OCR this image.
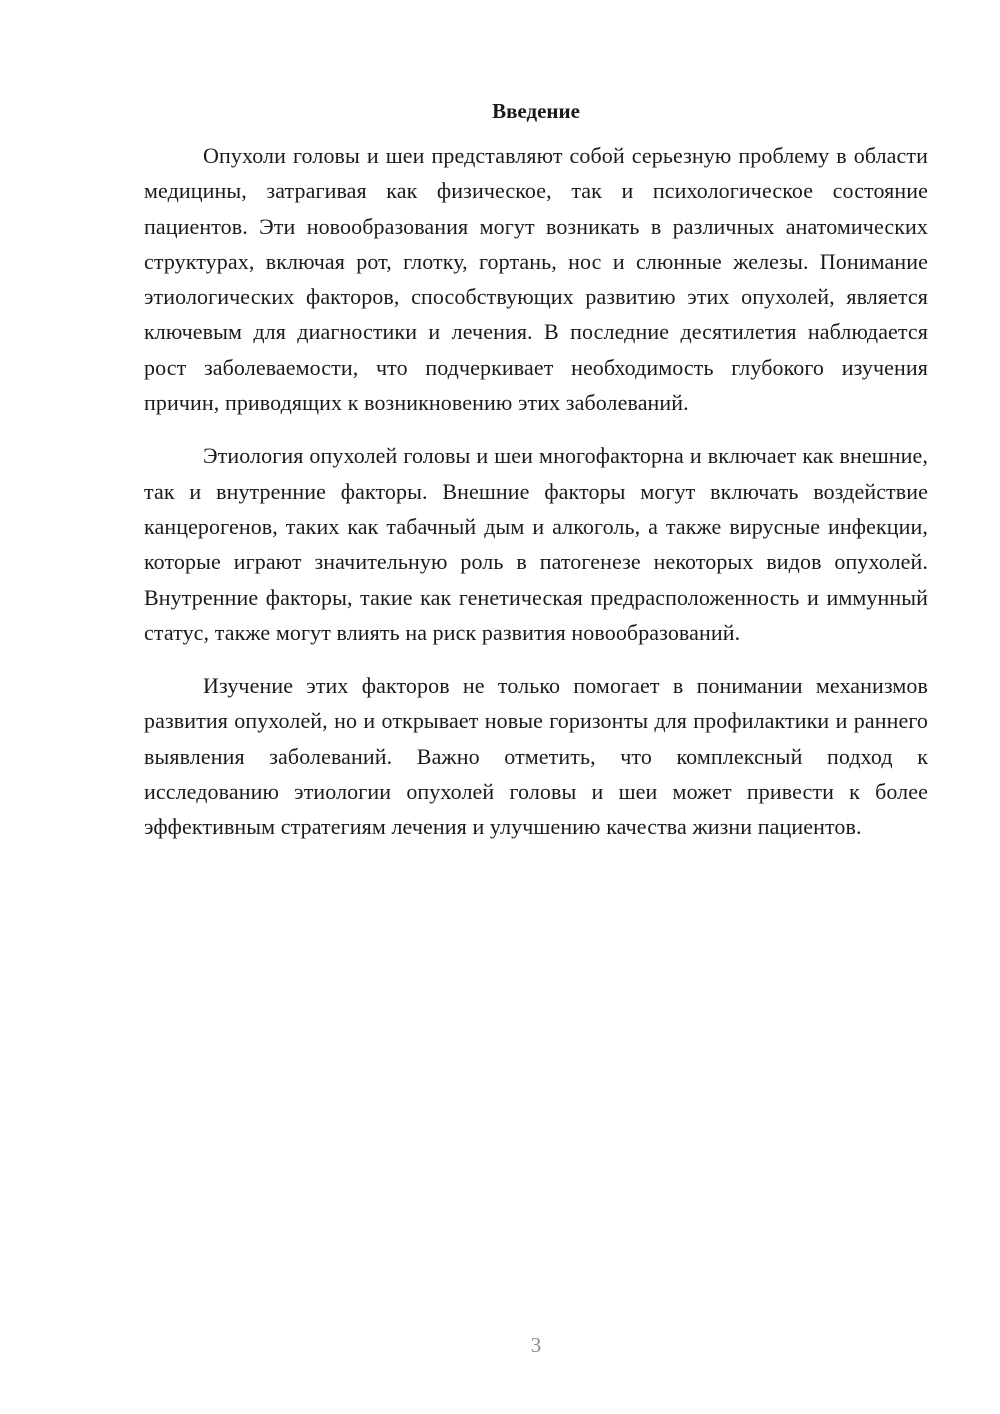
Введение

Опухоли головы и шеи представляют собой серьезную проблему в области медицины, затрагивая как физическое, так и психологическое состояние пациентов. Эти новообразования могут возникать в различных анатомических структурах, включая рот, глотку, гортань, нос и слюнные железы. Понимание этиологических факторов, способствующих развитию этих опухолей, является ключевым для диагностики и лечения. В последние десятилетия наблюдается рост заболеваемости, что подчеркивает необходимость глубокого изучения причин, приводящих к возникновению этих заболеваний.

Этиология опухолей головы и шеи многофакторна и включает как внешние, так и внутренние факторы. Внешние факторы могут включать воздействие канцерогенов, таких как табачный дым и алкоголь, а также вирусные инфекции, которые играют значительную роль в патогенезе некоторых видов опухолей. Внутренние факторы, такие как генетическая предрасположенность и иммунный статус, также могут влиять на риск развития новообразований.

Изучение этих факторов не только помогает в понимании механизмов развития опухолей, но и открывает новые горизонты для профилактики и раннего выявления заболеваний. Важно отметить, что комплексный подход к исследованию этиологии опухолей головы и шеи может привести к более эффективным стратегиям лечения и улучшению качества жизни пациентов.

3
